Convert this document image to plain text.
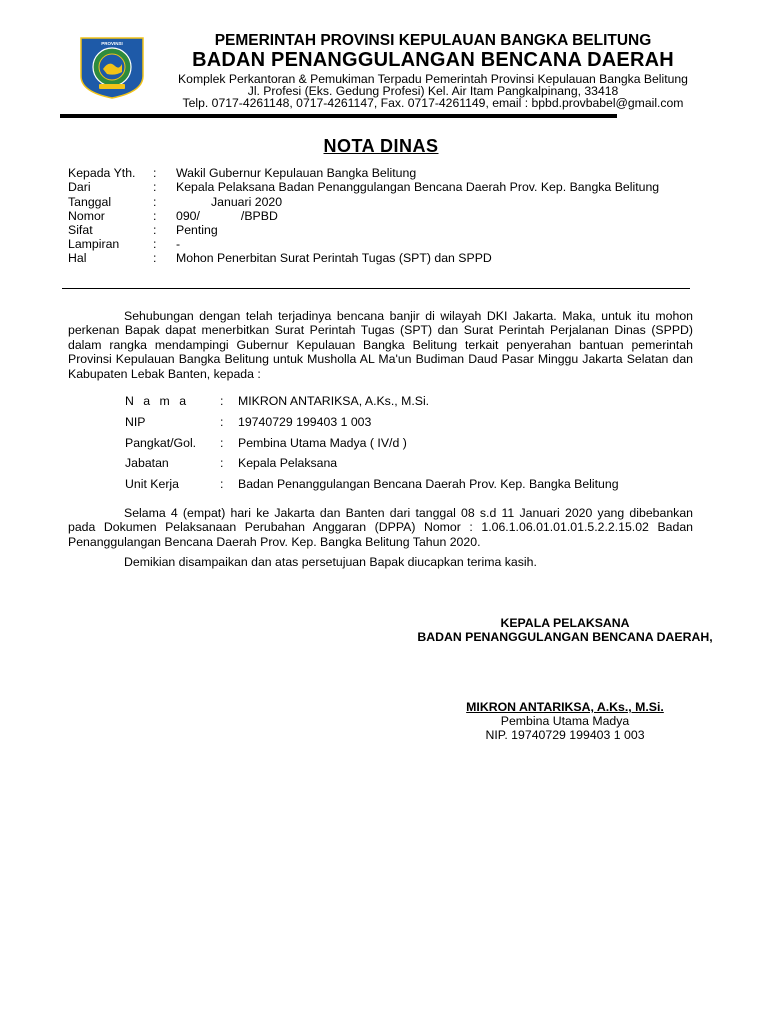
PROVINSI	PEMERINTAH PROVINSI KEPULAUAN BANGKA BELITUNG
BADAN PENANGGULANGAN BENCANA DAERAH
Komplek Perkantoran & Pemukiman Terpadu Pemerintah Provinsi Kepulauan Bangka Belitung
Jl. Profesi (Eks. Gedung Profesi) Kel. Air Itam Pangkalpinang, 33418
Telp. 0717-4261148, 0717-4261147, Fax. 0717-4261149, email : bpbd.provbabel@gmail.com
NOTA DINAS
Kepada Yth. : Wakil Gubernur Kepulauan Bangka Belitung
Dari	: Kepala Pelaksana Badan Penanggulangan Bencana Daerah Prov. Kep. Bangka Belitung
Tanggal	:	Januari 2020
Nomor	: 090/            /BPBD
Sifat	: Penting
Lampiran	: -
Hal	: Mohon Penerbitan Surat Perintah Tugas (SPT) dan SPPD
Sehubungan dengan telah terjadinya bencana banjir di wilayah DKI Jakarta. Maka, untuk itu mohon perkenan Bapak dapat menerbitkan Surat Perintah Tugas (SPT) dan Surat Perintah Perjalanan Dinas (SPPD) dalam rangka mendampingi Gubernur Kepulauan Bangka Belitung terkait penyerahan bantuan pemerintah Provinsi Kepulauan Bangka Belitung untuk Musholla AL Ma'un Budiman Daud Pasar Minggu Jakarta Selatan dan Kabupaten Lebak Banten, kepada :
N a m a	: MIKRON ANTARIKSA, A.Ks., M.Si.
NIP	: 19740729 199403 1 003
Pangkat/Gol. : Pembina Utama Madya ( IV/d )
Jabatan	: Kepala Pelaksana
Unit Kerja	: Badan Penanggulangan Bencana Daerah Prov. Kep. Bangka Belitung
Selama 4 (empat) hari ke Jakarta dan Banten dari tanggal 08 s.d 11 Januari 2020 yang dibebankan pada Dokumen Pelaksanaan Perubahan Anggaran (DPPA) Nomor : 1.06.1.06.01.01.01.5.2.2.15.02 Badan Penanggulangan Bencana Daerah Prov. Kep. Bangka Belitung Tahun 2020.
Demikian disampaikan dan atas persetujuan Bapak diucapkan terima kasih.
KEPALA PELAKSANA
BADAN PENANGGULANGAN BENCANA DAERAH,
MIKRON ANTARIKSA, A.Ks., M.Si.
Pembina Utama Madya
NIP. 19740729 199403 1 003
